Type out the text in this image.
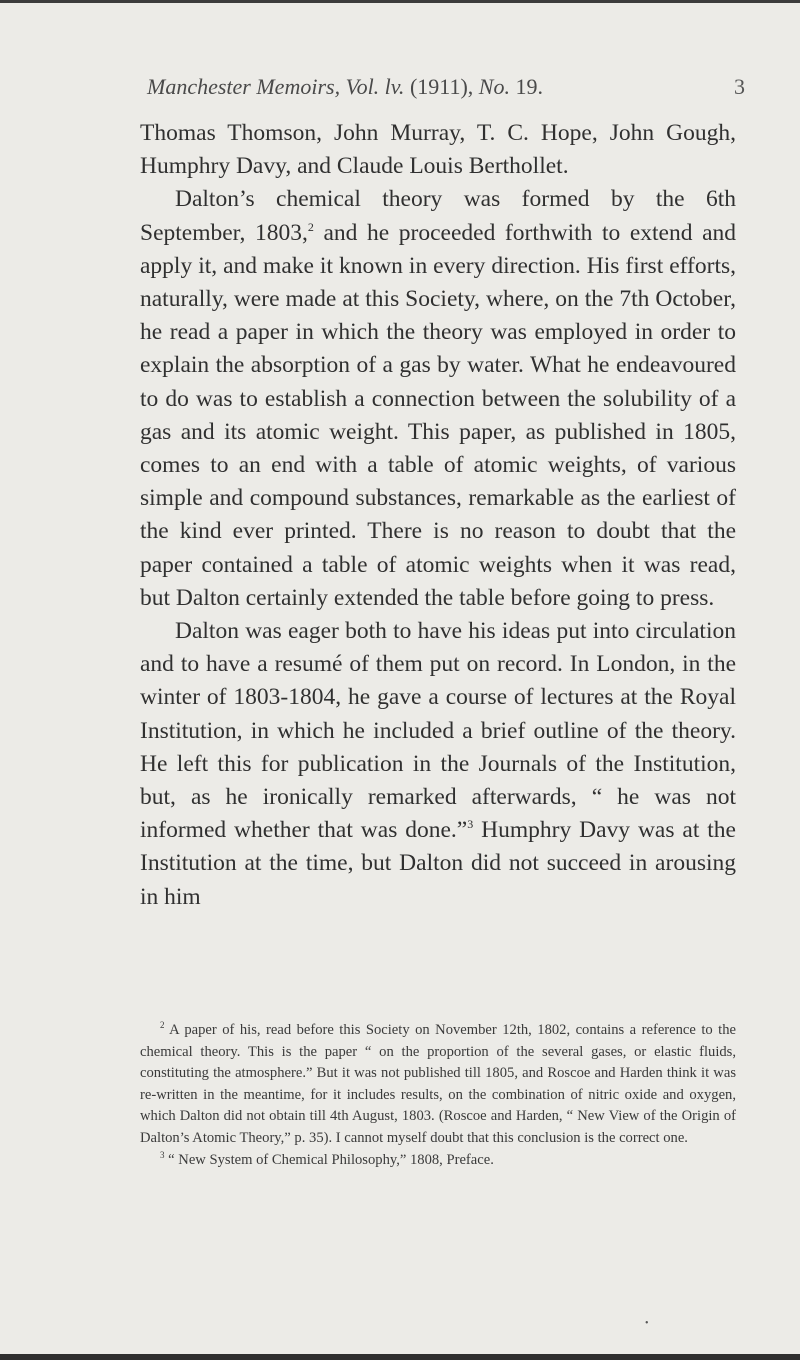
Manchester Memoirs, Vol. lv. (1911), No. 19.	3

Thomas Thomson, John Murray, T. C. Hope, John Gough, Humphry Davy, and Claude Louis Berthollet.

Dalton’s chemical theory was formed by the 6th September, 1803,$^2$ and he proceeded forthwith to extend and apply it, and make it known in every direction. His first efforts, naturally, were made at this Society, where, on the 7th October, he read a paper in which the theory was employed in order to explain the absorption of a gas by water. What he endeavoured to do was to establish a connection between the solubility of a gas and its atomic weight. This paper, as published in 1805, comes to an end with a table of atomic weights, of various simple and compound substances, remarkable as the earliest of the kind ever printed. There is no reason to doubt that the paper contained a table of atomic weights when it was read, but Dalton certainly extended the table before going to press.

Dalton was eager both to have his ideas put into circulation and to have a resumé of them put on record. In London, in the winter of 1803-1804, he gave a course of lectures at the Royal Institution, in which he included a brief outline of the theory. He left this for publication in the Journals of the Institution, but, as he ironically remarked afterwards, “ he was not informed whether that was done.”$^3$ Humphry Davy was at the Institution at the time, but Dalton did not succeed in arousing in him

$^2$ A paper of his, read before this Society on November 12th, 1802, contains a reference to the chemical theory. This is the paper “ on the proportion of the several gases, or elastic fluids, constituting the atmosphere.” But it was not published till 1805, and Roscoe and Harden think it was re-written in the meantime, for it includes results, on the combination of nitric oxide and oxygen, which Dalton did not obtain till 4th August, 1803. (Roscoe and Harden, “ New View of the Origin of Dalton’s Atomic Theory,” p. 35). I cannot myself doubt that this conclusion is the correct one.

$^3$ “ New System of Chemical Philosophy,” 1808, Preface.

•
